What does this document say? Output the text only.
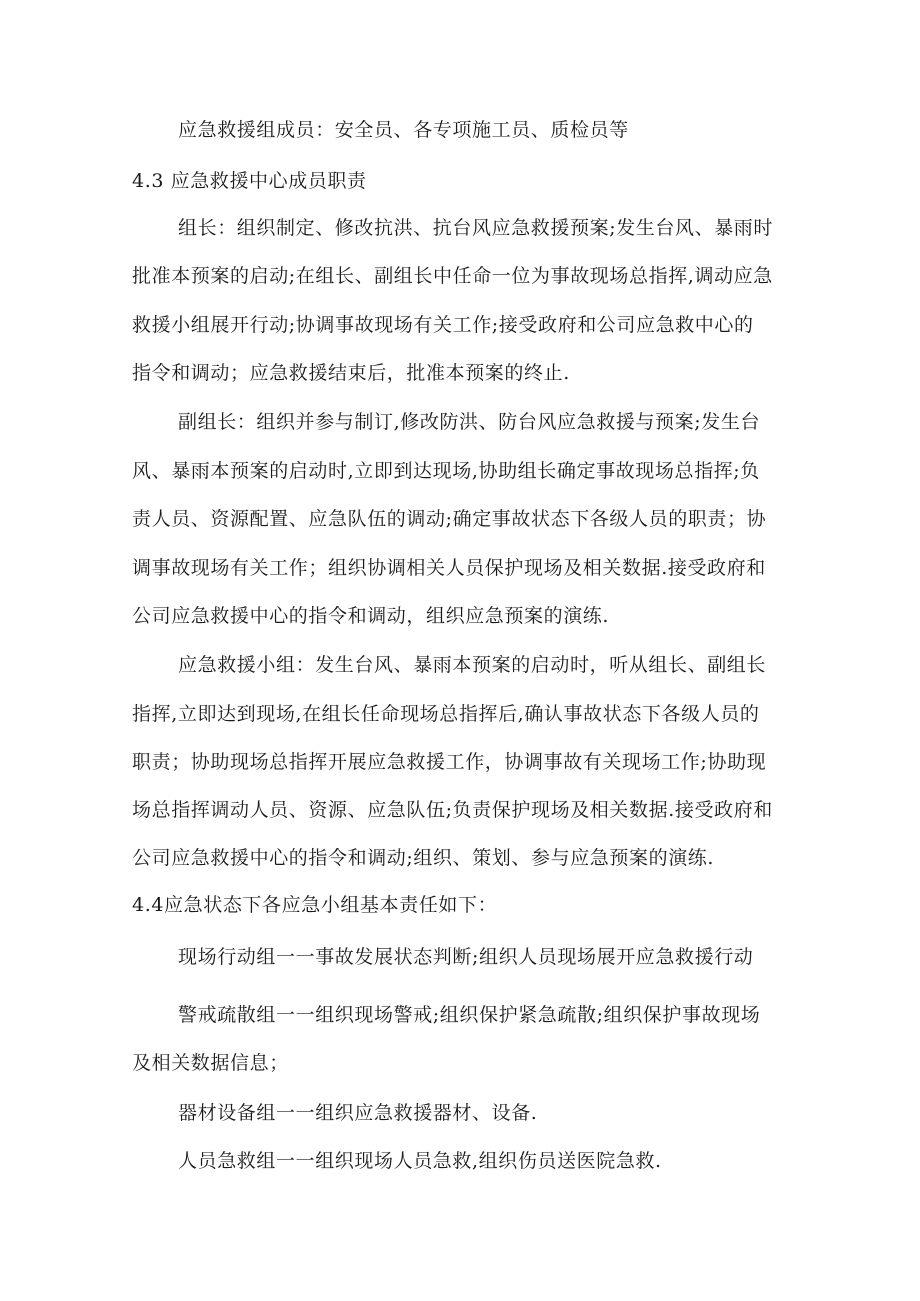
应急救援组成员：安全员、各专项施工员、质检员等
4.3 应急救援中心成员职责
组长：组织制定、修改抗洪、抗台风应急救援预案;发生台风、暴雨时
批准本预案的启动;在组长、副组长中任命一位为事故现场总指挥,调动应急
救援小组展开行动;协调事故现场有关工作;接受政府和公司应急救中心的
指令和调动；应急救援结束后，批准本预案的终止.
副组长：组织并参与制订,修改防洪、防台风应急救援与预案;发生台
风、暴雨本预案的启动时,立即到达现场,协助组长确定事故现场总指挥;负
责人员、资源配置、应急队伍的调动;确定事故状态下各级人员的职责；协
调事故现场有关工作；组织协调相关人员保护现场及相关数据.接受政府和
公司应急救援中心的指令和调动，组织应急预案的演练.
应急救援小组：发生台风、暴雨本预案的启动时，听从组长、副组长
指挥,立即达到现场,在组长任命现场总指挥后,确认事故状态下各级人员的
职责；协助现场总指挥开展应急救援工作，协调事故有关现场工作;协助现
场总指挥调动人员、资源、应急队伍;负责保护现场及相关数据.接受政府和
公司应急救援中心的指令和调动;组织、策划、参与应急预案的演练.
4.4应急状态下各应急小组基本责任如下：
现场行动组一一事故发展状态判断;组织人员现场展开应急救援行动
警戒疏散组一一组织现场警戒;组织保护紧急疏散;组织保护事故现场
及相关数据信息；
器材设备组一一组织应急救援器材、设备.
人员急救组一一组织现场人员急救,组织伤员送医院急救.
